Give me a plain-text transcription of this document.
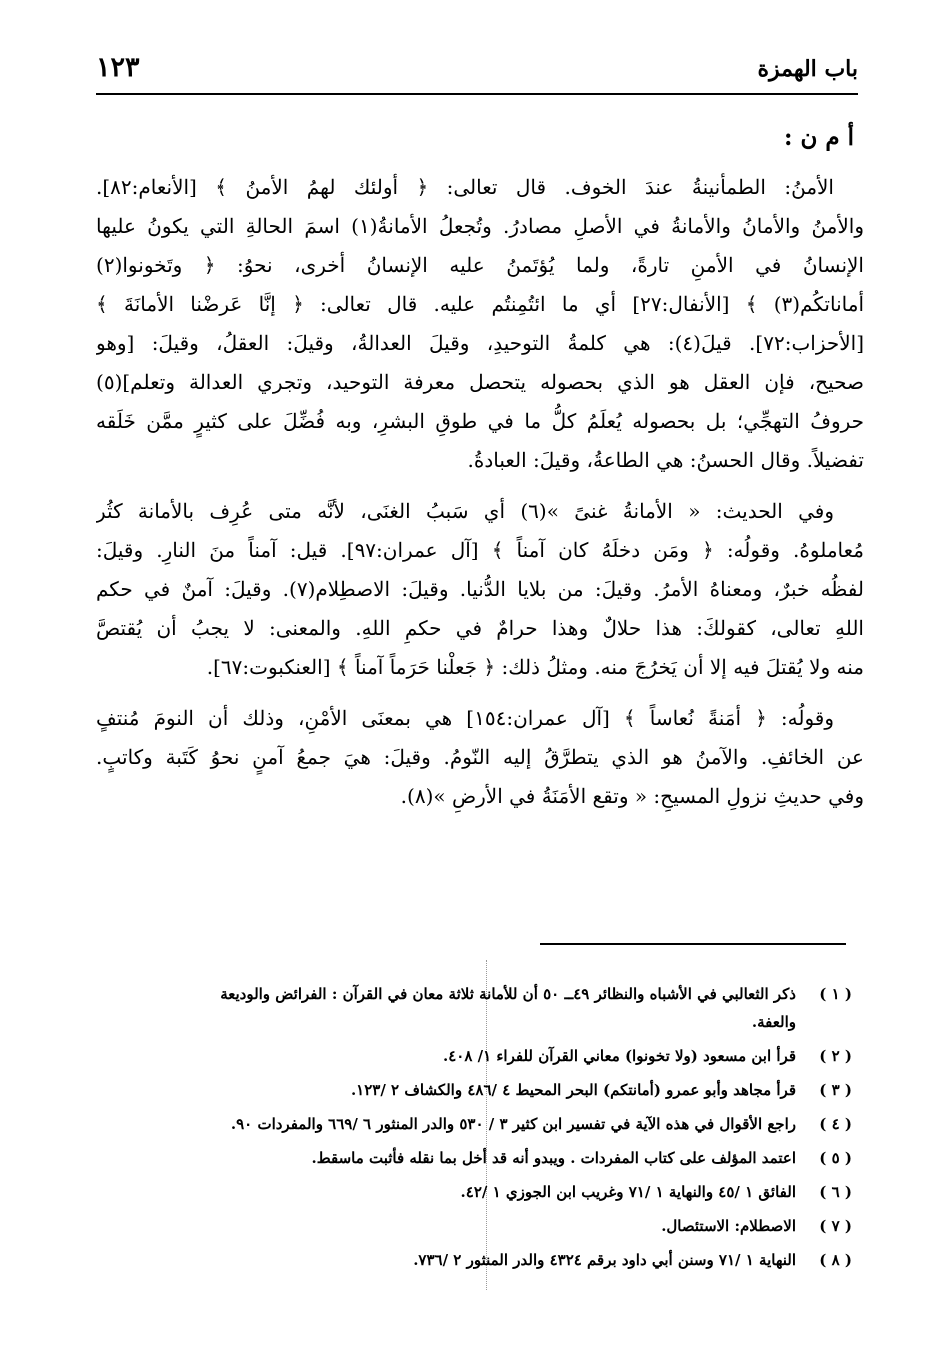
باب الهمزة
١٢٣
أ م ن :
الأمنُ: الطمأنينةُ عندَ الخوف. قال تعالى: ﴿ أولئك لهمُ الأمنُ ﴾ [الأنعام:٨٢].
والأمنُ والأمانُ والأمانةُ في الأصلِ مصادرُ. وتُجعلُ الأمانةُ(١) اسمَ الحالةِ التي يكونُ عليها
الإنسانُ في الأمنِ تارةً، ولما يُؤتَمنُ عليه الإنسانُ أخرى، نحوُ: ﴿ وتَخونوا(٢)
أماناتكُم(٣) ﴾ [الأنفال:٢٧] أي ما ائتُمِنتُم عليه. قال تعالى: ﴿ إنَّا عَرضْنا الأمانَةَ ﴾
[الأحزاب:٧٢]. قيلَ(٤): هي كلمةُ التوحيدِ، وقيلَ العدالةُ، وقيلَ: العقلُ، وقيلَ: [وهو
صحيح، فإن العقل هو الذي بحصوله يتحصل معرفة التوحيد، وتجري العدالة وتعلم](٥)
حروفُ التهجِّي؛ بل بحصوله يُعلَمُ كلُّ ما في طوقِ البشرِ، وبه فُضِّلَ على كثيرٍ ممَّن خَلَقه
تفضيلاً. وقال الحسنُ: هي الطاعةُ، وقيلَ: العبادةُ.
وفي الحديث: « الأمانةُ غنىً »(٦) أي سَببُ الغنَى، لأنَّه متى عُرِف بالأمانة كثُر
مُعاملوهُ. وقولُه: ﴿ ومَن دخلَهُ كان آمناً ﴾ [آل عمران:٩٧]. قيل: آمناً منَ النارِ. وقيلَ:
لفظُه خبرٌ، ومعناهُ الأمرُ. وقيلَ: من بلايا الدُّنيا. وقيلَ: الاصطِلام(٧). وقيلَ: آمنٌ في حكم
اللهِ تعالى، كقولكَ: هذا حلالٌ وهذا حرامٌ في حكمِ اللهِ. والمعنى: لا يجبُ أن يُقتصَّ
منه ولا يُقتلَ فيه إلا أن يَخرُجَ منه. ومثلُ ذلك: ﴿ جَعلْنا حَرَماً آمناً ﴾ [العنكبوت:٦٧].
وقولُه: ﴿ أمَنةً نُعاساً ﴾ [آل عمران:١٥٤] هي بمعنَى الأمْنِ، وذلك أن النومَ مُنتفٍ
عن الخائفِ. والآمنُ هو الذي يتطرَّقُ إليه النّومُ. وقيلَ: هيَ جمعُ آمنٍ نحوُ كَتَبة وكاتبٍ.
وفي حديثِ نزولِ المسيحِ: « وتقع الأمَنَةُ في الأرضِ »(٨).
( ١ )
ذكر الثعالبي في الأشباه والنظائر ٤٩ــ ٥٠ أن للأمانة ثلاثة معان في القرآن : الفرائض والوديعة
والعفة.
( ٢ )
قرأ ابن مسعود (ولا تخونوا) معاني القرآن للفراء ١/ ٤٠٨.
( ٣ )
قرأ مجاهد وأبو عمرو (أمانتكم) البحر المحيط ٤ /٤٨٦ والكشاف ٢ /١٢٣.
( ٤ )
راجع الأقوال في هذه الآية في تفسير ابن كثير ٣ / ٥٣٠ والدر المنثور ٦ /٦٦٩ والمفردات ٩٠.
( ٥ )
اعتمد المؤلف على كتاب المفردات . ويبدو أنه قد أخل بما نقله فأثبت ماسقط.
( ٦ )
الفائق ١ /٤٥ والنهاية ١ /٧١ وغريب ابن الجوزي ١ /٤٢.
( ٧ )
الاصطلام: الاستئصال.
( ٨ )
النهاية ١ /٧١ وسنن أبي داود برقم ٤٣٢٤ والدر المنثور ٢ /٧٣٦.
